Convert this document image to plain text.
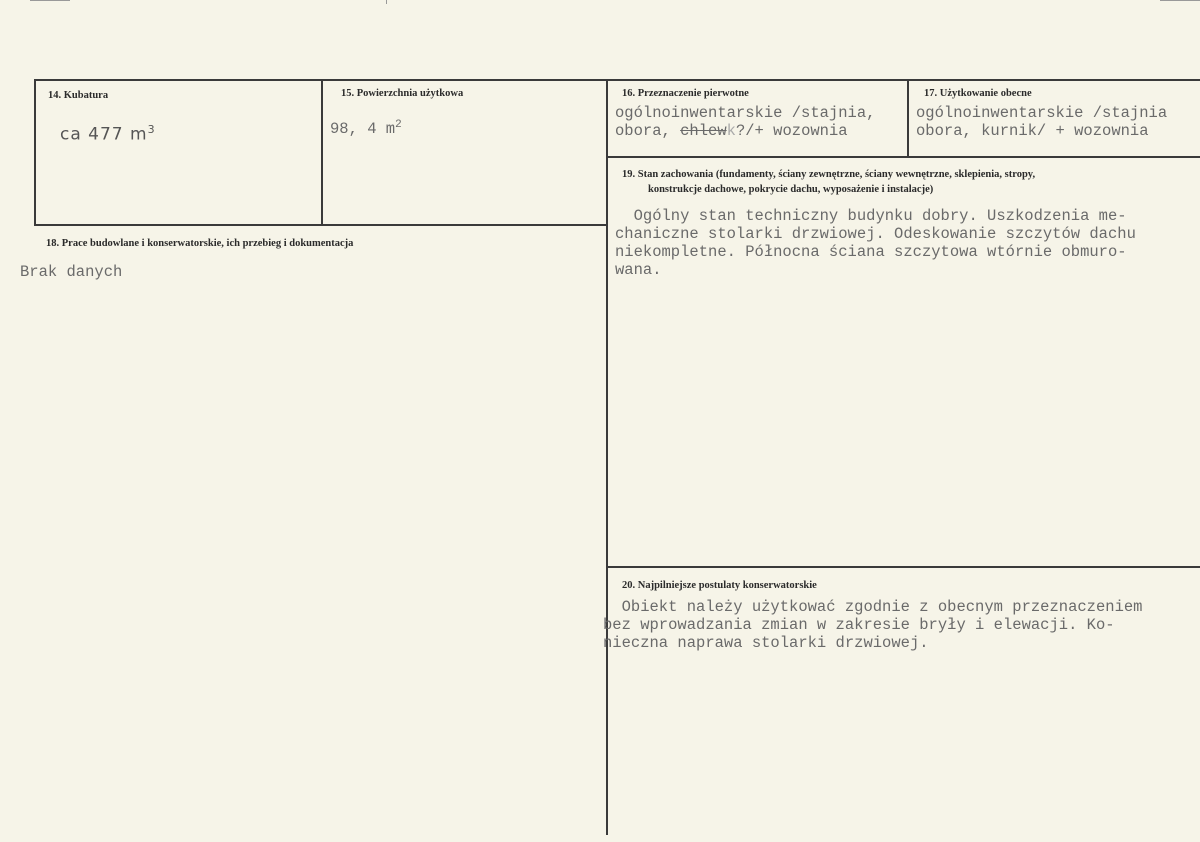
14. Kubatura
ca 477 $m^3$
15. Powierzchnia użytkowa
98, 4 $m^2$
16. Przeznaczenie pierwotne
ogólnoinwentarskie /stajnia,
obora, chlewk?/+ wozownia
17. Użytkowanie obecne
ogólnoinwentarskie /stajnia
obora, kurnik/ + wozownia
18. Prace budowlane i konserwatorskie, ich przebieg i dokumentacja
Brak danych
19. Stan zachowania (fundamenty, ściany zewnętrzne, ściany wewnętrzne, sklepienia, stropy,
konstrukcje dachowe, pokrycie dachu, wyposażenie i instalacje)
Ogólny stan techniczny budynku dobry. Uszkodzenia me-
chaniczne stolarki drzwiowej. Odeskowanie szczytów dachu
niekompletne. Północna ściana szczytowa wtórnie obmuro-
wana.
20. Najpilniejsze postulaty konserwatorskie
Obiekt należy użytkować zgodnie z obecnym przeznaczeniem
bez wprowadzania zmian w zakresie bryły i elewacji. Ko-
nieczna naprawa stolarki drzwiowej.
